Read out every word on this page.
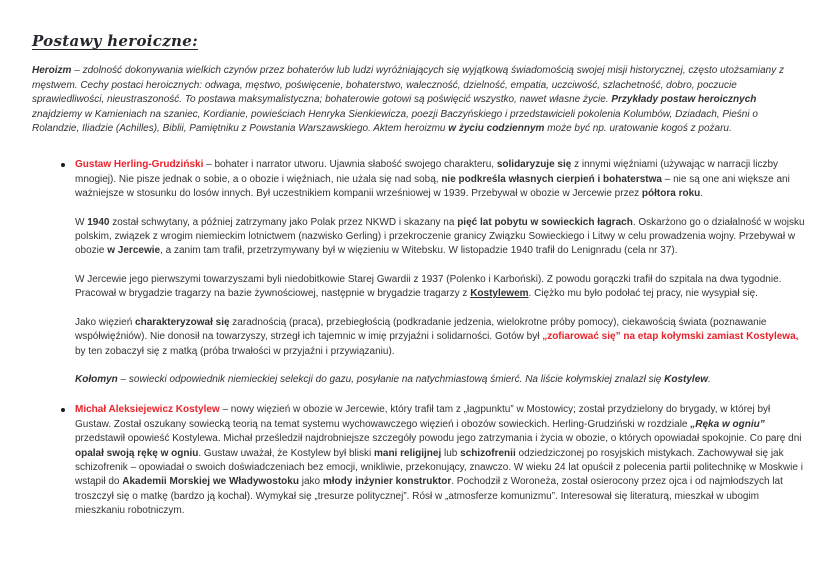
Postawy heroiczne:

Heroizm – zdolność dokonywania wielkich czynów przez bohaterów lub ludzi wyróżniających się wyjątkową świadomością swojej misji historycznej, często utożsamiany z męstwem. Cechy postaci heroicznych: odwaga, męstwo, poświęcenie, bohaterstwo, waleczność, dzielność, empatia, uczciwość, szlachetność, dobro, poczucie sprawiedliwości, nieustraszoność. To postawa maksymalistyczna; bohaterowie gotowi są poświęcić wszystko, nawet własne życie. Przykłady postaw heroicznych znajdziemy w Kamieniach na szaniec, Kordianie, powieściach Henryka Sienkiewicza, poezji Baczyńskiego i przedstawicieli pokolenia Kolumbów, Dziadach, Pieśni o Rolandzie, Iliadzie (Achilles), Biblii, Pamiętniku z Powstania Warszawskiego. Aktem heroizmu w życiu codziennym może być np. uratowanie kogoś z pożaru.

Gustaw Herling-Grudziński – bohater i narrator utworu. Ujawnia słabość swojego charakteru, solidaryzuje się z innymi więźniami (używając w narracji liczby mnogiej). Nie pisze jednak o sobie, a o obozie i więźniach, nie użala się nad sobą, nie podkreśla własnych cierpień i bohaterstwa – nie są one ani większe ani ważniejsze w stosunku do losów innych. Był uczestnikiem kompanii wrześniowej w 1939. Przebywał w obozie w Jercewie przez półtora roku.

W 1940 został schwytany, a później zatrzymany jako Polak przez NKWD i skazany na pięć lat pobytu w sowieckich łagrach. Oskarżono go o działalność w wojsku polskim, związek z wrogim niemieckim lotnictwem (nazwisko Gerling) i przekroczenie granicy Związku Sowieckiego i Litwy w celu prowadzenia wojny. Przebywał w obozie w Jercewie, a zanim tam trafił, przetrzymywany był w więzieniu w Witebsku. W listopadzie 1940 trafił do Lenignradu (cela nr 37).

W Jercewie jego pierwszymi towarzyszami byli niedobitkowie Starej Gwardii z 1937 (Polenko i Karboński). Z powodu gorączki trafił do szpitala na dwa tygodnie. Pracował w brygadzie tragarzy na bazie żywnościowej, następnie w brygadzie tragarzy z Kostylewem. Ciężko mu było podołać tej pracy, nie wysypiał się.

Jako więzień charakteryzował się zaradnością (praca), przebiegłością (podkradanie jedzenia, wielokrotne próby pomocy), ciekawością świata (poznawanie współwięźniów). Nie donosił na towarzyszy, strzegł ich tajemnic w imię przyjaźni i solidarności. Gotów był „zofiarować się” na etap kołymski zamiast Kostylewa, by ten zobaczył się z matką (próba trwałości w przyjaźni i przywiązaniu).

Kołomyn – sowiecki odpowiednik niemieckiej selekcji do gazu, posyłanie na natychmiastową śmierć. Na liście kołymskiej znalazł się Kostylew.

Michał Aleksiejewicz Kostylew – nowy więzień w obozie w Jercewie, który trafił tam z „łagpunktu” w Mostowicy; został przydzielony do brygady, w której był Gustaw. Został oszukany sowiecką teorią na temat systemu wychowawczego więzień i obozów sowieckich. Herling-Grudziński w rozdziale „Ręka w ogniu” przedstawił opowieść Kostylewa. Michał prześledził najdrobniejsze szczegóły powodu jego zatrzymania i życia w obozie, o których opowiadał spokojnie. Co parę dni opalał swoją rękę w ogniu. Gustaw uważał, że Kostylew był bliski mani religijnej lub schizofrenii odziedziczonej po rosyjskich mistykach. Zachowywał się jak schizofrenik – opowiadał o swoich doświadczeniach bez emocji, wnikliwie, przekonujący, znawczo. W wieku 24 lat opuścił z polecenia partii politechnikę w Moskwie i wstąpił do Akademii Morskiej we Władywostoku jako młody inżynier konstruktor. Pochodził z Woroneża, został osierocony przez ojca i od najmłodszych lat troszczył się o matkę (bardzo ją kochał). Wymykał się „tresurze politycznej”. Rósł w „atmosferze komunizmu”. Interesował się literaturą, mieszkał w ubogim mieszkaniu robotniczym.
